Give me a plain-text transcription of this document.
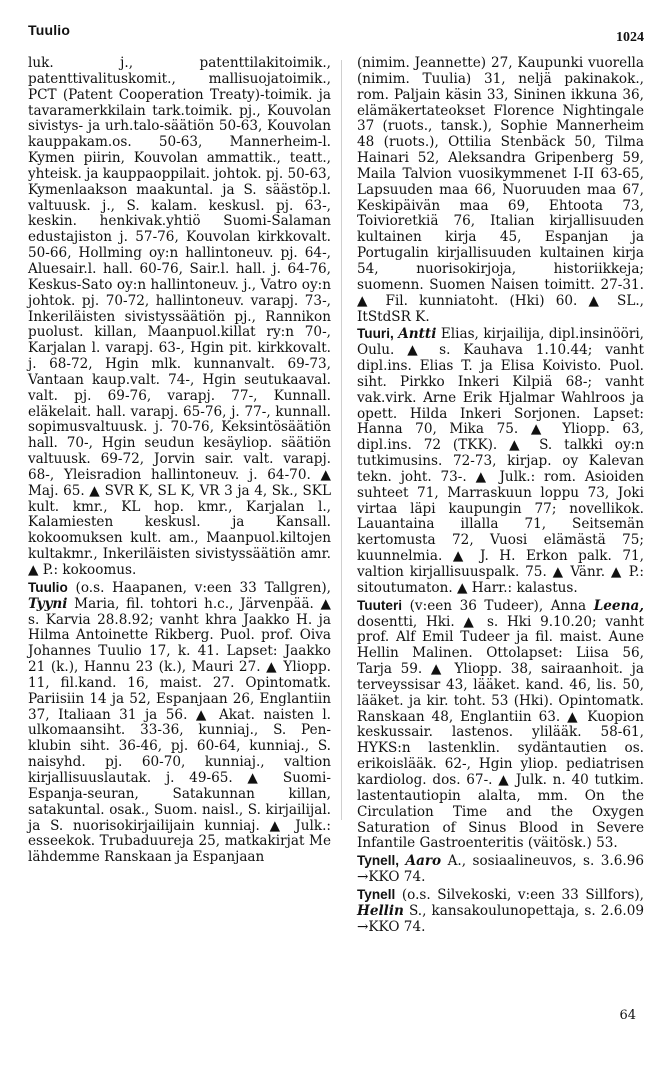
Tuulio	1024

luk. j., patenttilakitoimik., patenttivalituskomit., mallisuojatoimik., PCT (Patent Cooperation Treaty)-toimik. ja tavaramerkkilain tark.toimik. pj., Kouvolan sivistys- ja urh.talo-säätiön 50-63, Kouvolan kauppakam.os. 50-63, Mannerheim-l. Kymen piirin, Kouvolan ammattik., teatt., yhteisk. ja kauppaoppilait. johtok. pj. 50-63, Kymenlaakson maakuntal. ja S. säästöp.l. valtuusk. j., S. kalam. keskusl. pj. 63-, keskin. henkivak.yhtiö Suomi-Salaman edustajiston j. 57-76, Kouvolan kirkkovalt. 50-66, Hollming oy:n hallintoneuv. pj. 64-, Aluesair.l. hall. 60-76, Sair.l. hall. j. 64-76, Keskus-Sato oy:n hallintoneuv. j., Vatro oy:n johtok. pj. 70-72, hallintoneuv. varapj. 73-, Inkeriläisten sivistyssäätiön pj., Rannikon puolust. killan, Maanpuol.killat ry:n 70-, Karjalan l. varapj. 63-, Hgin pit. kirkkovalt. j. 68-72, Hgin mlk. kunnanvalt. 69-73, Vantaan kaup.valt. 74-, Hgin seutukaaval. valt. pj. 69-76, varapj. 77-, Kunnall. eläkelait. hall. varapj. 65-76, j. 77-, kunnall. sopimusvaltuusk. j. 70-76, Keksintösäätiön hall. 70-, Hgin seudun kesäyliop. säätiön valtuusk. 69-72, Jorvin sair. valt. varapj. 68-, Yleisradion hallintoneuv. j. 64-70. ▲ Maj. 65. ▲ SVR K, SL K, VR 3 ja 4, Sk., SKL kult. kmr., KL hop. kmr., Karjalan l., Kalamiesten keskusl. ja Kansall. kokoomuksen kult. am., Maanpuol.kiltojen kultakmr., Inkeriläisten sivistyssäätiön amr. ▲ P.: kokoomus.

Tuulio (o.s. Haapanen, v:een 33 Tallgren), Tyyni Maria, fil. tohtori h.c., Järvenpää. ▲ s. Karvia 28.8.92; vanht khra Jaakko H. ja Hilma Antoinette Rikberg. Puol. prof. Oiva Johannes Tuulio 17, k. 41. Lapset: Jaakko 21 (k.), Hannu 23 (k.), Mauri 27. ▲ Yliopp. 11, fil.kand. 16, maist. 27. Opintomatk. Pariisiin 14 ja 52, Espanjaan 26, Englantiin 37, Italiaan 31 ja 56. ▲ Akat. naisten l. ulkomaansiht. 33-36, kunniaj., S. Pen-klubin siht. 36-46, pj. 60-64, kunniaj., S. naisyhd. pj. 60-70, kunniaj., valtion kirjallisuuslautak. j. 49-65. ▲ Suomi-Espanja-seuran, Satakunnan killan, satakuntal. osak., Suom. naisl., S. kirjailijal. ja S. nuorisokirjailijain kunniaj. ▲ Julk.: esseekok. Trubaduureja 25, matkakirjat Me lähdemme Ranskaan ja Espanjaan

(nimim. Jeannette) 27, Kaupunki vuorella (nimim. Tuulia) 31, neljä pakinakok., rom. Paljain käsin 33, Sininen ikkuna 36, elämäkertateokset Florence Nightingale 37 (ruots., tansk.), Sophie Mannerheim 48 (ruots.), Ottilia Stenbäck 50, Tilma Hainari 52, Aleksandra Gripenberg 59, Maila Talvion vuosikymmenet I-II 63-65, Lapsuuden maa 66, Nuoruuden maa 67, Keskipäivän maa 69, Ehtoota 73, Toivioretkiä 76, Italian kirjallisuuden kultainen kirja 45, Espanjan ja Portugalin kirjallisuuden kultainen kirja 54, nuorisokirjoja, historiikkeja; suomenn. Suomen Naisen toimitt. 27-31. ▲ Fil. kunniatoht. (Hki) 60. ▲ SL., ItStdSR K.

Tuuri, Antti Elias, kirjailija, dipl.insinööri, Oulu. ▲ s. Kauhava 1.10.44; vanht dipl.ins. Elias T. ja Elisa Koivisto. Puol. siht. Pirkko Inkeri Kilpiä 68-; vanht vak.virk. Arne Erik Hjalmar Wahlroos ja opett. Hilda Inkeri Sorjonen. Lapset: Hanna 70, Mika 75. ▲ Yliopp. 63, dipl.ins. 72 (TKK). ▲ S. talkki oy:n tutkimusins. 72-73, kirjap. oy Kalevan tekn. joht. 73-. ▲ Julk.: rom. Asioiden suhteet 71, Marraskuun loppu 73, Joki virtaa läpi kaupungin 77; novellikok. Lauantaina illalla 71, Seitsemän kertomusta 72, Vuosi elämästä 75; kuunnelmia. ▲ J. H. Erkon palk. 71, valtion kirjallisuuspalk. 75. ▲ Vänr. ▲ P.: sitoutumaton. ▲ Harr.: kalastus.

Tuuteri (v:een 36 Tudeer), Anna Leena, dosentti, Hki. ▲ s. Hki 9.10.20; vanht prof. Alf Emil Tudeer ja fil. maist. Aune Hellin Malinen. Ottolapset: Liisa 56, Tarja 59. ▲ Yliopp. 38, sairaanhoit. ja terveyssisar 43, lääket. kand. 46, lis. 50, lääket. ja kir. toht. 53 (Hki). Opintomatk. Ranskaan 48, Englantiin 63. ▲ Kuopion keskussair. lastenos. ylilääk. 58-61, HYKS:n lastenklin. sydäntautien os. erikoislääk. 62-, Hgin yliop. pediatrisen kardiolog. dos. 67-. ▲ Julk. n. 40 tutkim. lastentautiopin alalta, mm. On the Circulation Time and the Oxygen Saturation of Sinus Blood in Severe Infantile Gastroenteritis (väitösk.) 53.

Tynell, Aaro A., sosiaalineuvos, s. 3.6.96 →KKO 74.

Tynell (o.s. Silvekoski, v:een 33 Sillfors), Hellin S., kansakoulunopettaja, s. 2.6.09 →KKO 74.

64
